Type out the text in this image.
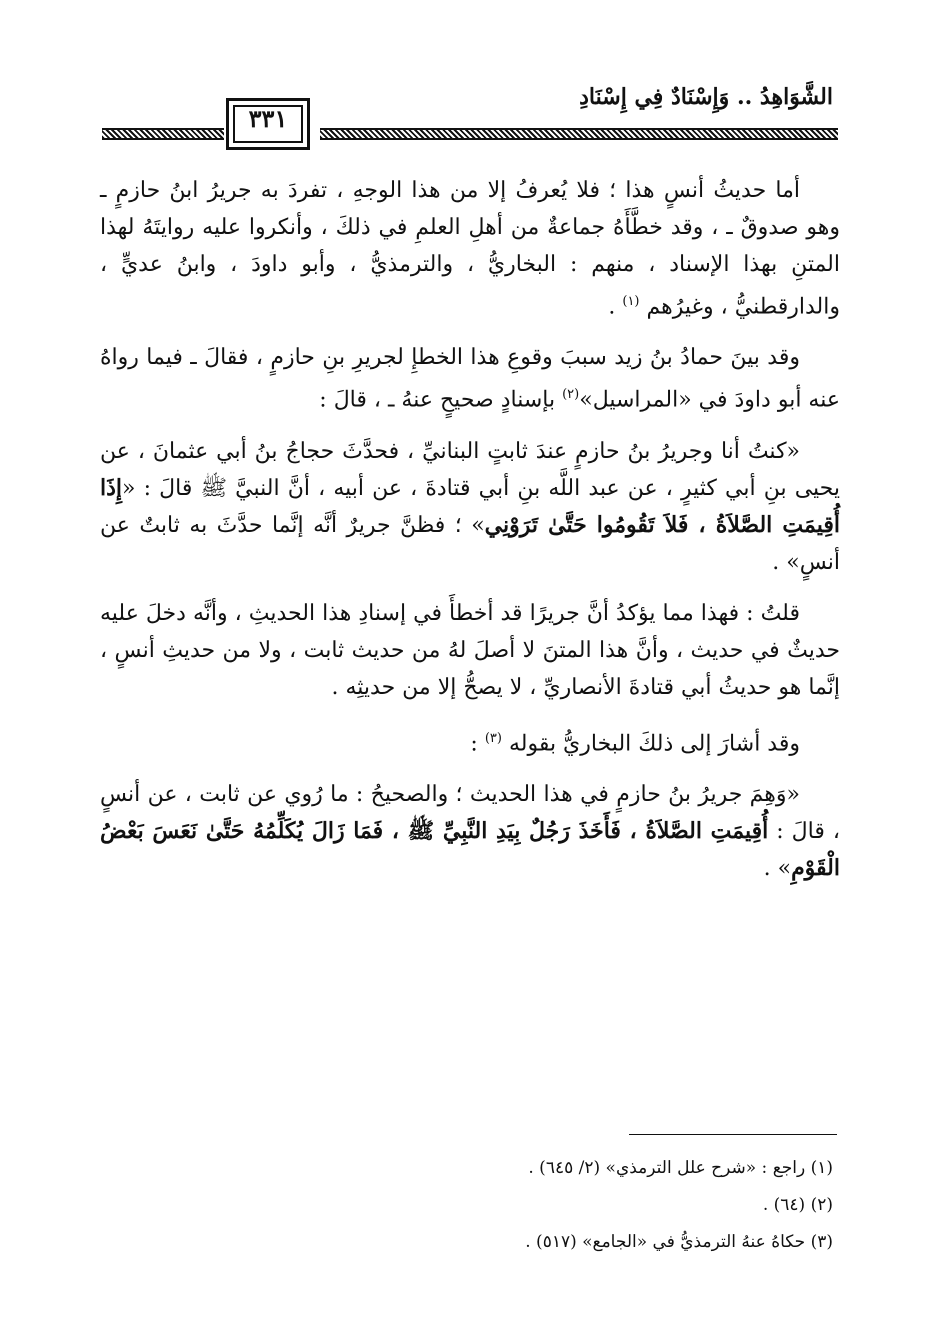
الشَّوَاهِدُ .. وَإِسْنَادٌ فِي إِسْنَادِ
٣٣١

أما حديثُ أنسٍ هذا ؛ فلا يُعرفُ إلا من هذا الوجهِ ، تفردَ به جريرُ ابنُ حازمٍ ـ وهو صدوقٌ ـ ، وقد خطَّأَهُ جماعةٌ من أهلِ العلمِ في ذلكَ ، وأنكروا عليه روايتَهُ لهذا المتنِ بهذا الإسناد ، منهم : البخاريُّ ، والترمذيُّ ، وأبو داودَ ، وابنُ عديٍّ ، والدارقطنيُّ ، وغيرُهم $^{(١)}$ .

وقد بينَ حمادُ بنُ زيد سببَ وقوعِ هذا الخطإِ لجريرِ بنِ حازمٍ ، فقالَ ـ فيما رواهُ عنه أبو داودَ في «المراسيل»$^{(٢)}$ بإسنادٍ صحيحٍ عنهُ ـ ، قالَ :

«كنتُ أنا وجريرُ بنُ حازمٍ عندَ ثابتٍ البنانيِّ ، فحدَّثَ حجاجُ بنُ أبي عثمانَ ، عن يحيى بنِ أبي كثيرٍ ، عن عبد اللَّه بنِ أبي قتادةَ ، عن أبيه ، أنَّ النبيَّ ﷺ قالَ : «إِذَا أُقِيمَتِ الصَّلاَةُ ، فَلاَ تَقُومُوا حَتَّىٰ تَرَوْنِي» ؛ فظنَّ جريرٌ أنَّه إنَّما حدَّثَ به ثابتٌ عن أنسٍ» .

قلتُ : فهذا مما يؤكدُ أنَّ جريرًا قد أخطأَ في إسنادِ هذا الحديثِ ، وأنَّه دخلَ عليه حديثٌ في حديث ، وأنَّ هذا المتنَ لا أصلَ لهُ من حديث ثابت ، ولا من حديثِ أنسٍ ، إنَّما هو حديثُ أبي قتادةَ الأنصاريِّ ، لا يصحُّ إلا من حديثِه .

وقد أشارَ إلى ذلكَ البخاريُّ بقوله $^{(٣)}$ :

«وَهِمَ جريرُ بنُ حازمٍ في هذا الحديث ؛ والصحيحُ : ما رُوي عن ثابت ، عن أنسٍ ، قالَ : أُقِيمَتِ الصَّلاَةُ ، فَأَخَذَ رَجُلٌ بِيَدِ النَّبِيِّ ﷺ ، فَمَا زَالَ يُكَلِّمُهُ حَتَّىٰ نَعَسَ بَعْضُ الْقَوْمِ» .

(١) راجع : «شرح علل الترمذي» (٢/ ٦٤٥) .

(٢) (٦٤) .

(٣) حكاهُ عنهُ الترمذيُّ في «الجامع» (٥١٧) .
